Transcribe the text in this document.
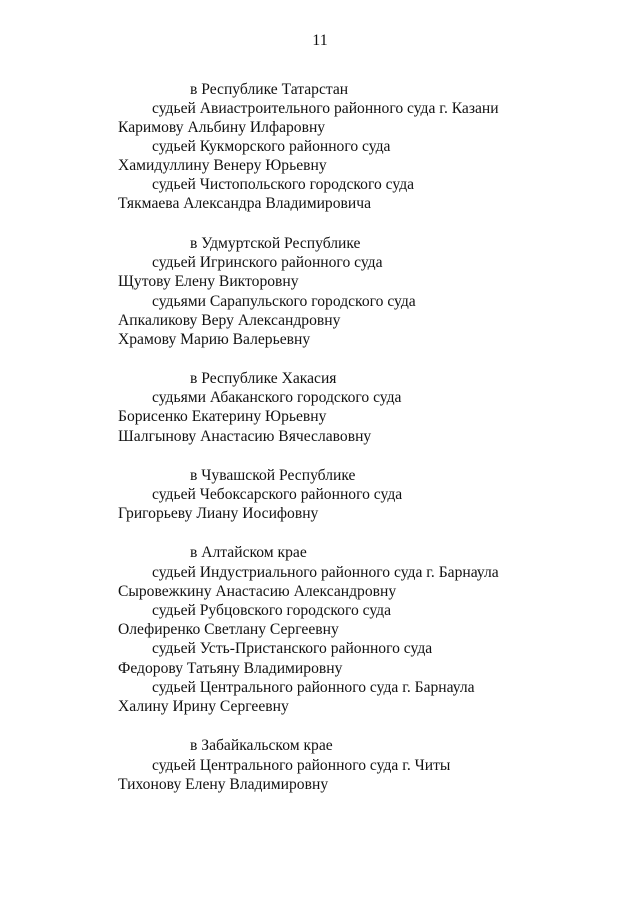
11
в Республике Татарстан
судьей Авиастроительного районного суда г. Казани
Каримову Альбину Илфаровну
судьей Кукморского районного суда
Хамидуллину Венеру Юрьевну
судьей Чистопольского городского суда
Тякмаева Александра Владимировича
в Удмуртской Республике
судьей Игринского районного суда
Щутову Елену Викторовну
судьями Сарапульского городского суда
Апкаликову Веру Александровну
Храмову Марию Валерьевну
в Республике Хакасия
судьями Абаканского городского суда
Борисенко Екатерину Юрьевну
Шалгынову Анастасию Вячеславовну
в Чувашской Республике
судьей Чебоксарского районного суда
Григорьеву Лиану Иосифовну
в Алтайском крае
судьей Индустриального районного суда г. Барнаула
Сыровежкину Анастасию Александровну
судьей Рубцовского городского суда
Олефиренко Светлану Сергеевну
судьей Усть-Пристанского районного суда
Федорову Татьяну Владимировну
судьей Центрального районного суда г. Барнаула
Халину Ирину Сергеевну
в Забайкальском крае
судьей Центрального районного суда г. Читы
Тихонову Елену Владимировну
